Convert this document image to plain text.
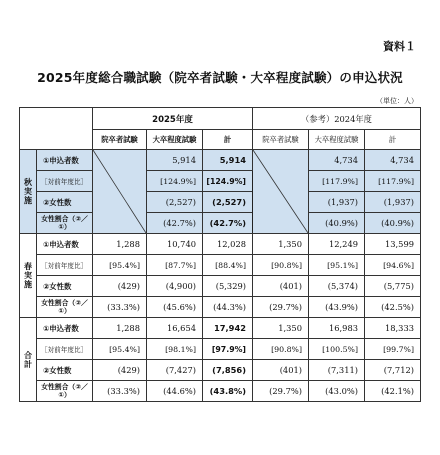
資料１
2025年度総合職試験（院卒者試験・大卒程度試験）の申込状況
（単位：人）
		2025年度			（参考）2024年度		
		院卒者試験	大卒程度試験	計	院卒者試験	大卒程度試験	計
秋実施	①申込者数		5,914	5,914		4,734	4,734
	［対前年度比］		[124.9%]	[124.9%]		[117.9%]	[117.9%]
	②女性数		(2,527)	(2,527)		(1,937)	(1,937)
	女性割合（②／①）		(42.7%)	(42.7%)		(40.9%)	(40.9%)
春実施	①申込者数	1,288	10,740	12,028	1,350	12,249	13,599
	［対前年度比］	[95.4%]	[87.7%]	[88.4%]	[90.8%]	[95.1%]	[94.6%]
	②女性数	(429)	(4,900)	(5,329)	(401)	(5,374)	(5,775)
	女性割合（②／①）	(33.3%)	(45.6%)	(44.3%)	(29.7%)	(43.9%)	(42.5%)
合計	①申込者数	1,288	16,654	17,942	1,350	16,983	18,333
	［対前年度比］	[95.4%]	[98.1%]	[97.9%]	[90.8%]	[100.5%]	[99.7%]
	②女性数	(429)	(7,427)	(7,856)	(401)	(7,311)	(7,712)
	女性割合（②／①）	(33.3%)	(44.6%)	(43.8%)	(29.7%)	(43.0%)	(42.1%)
